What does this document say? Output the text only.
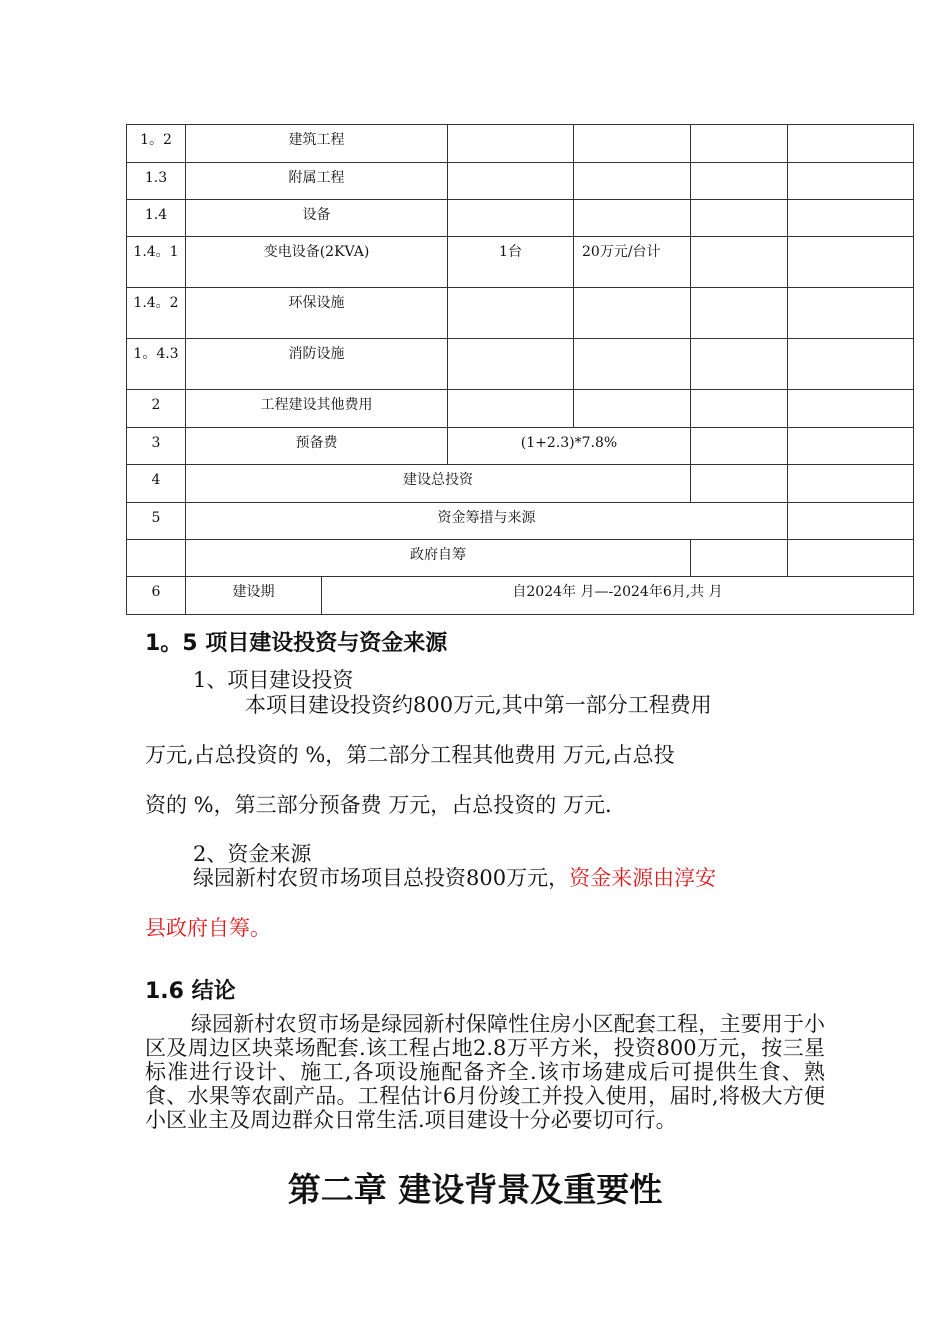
1。2	建筑工程					
1.3	附属工程					
1.4	设备					
1.4。1	变电设备(2KVA)		1台	20万元/台计		
1.4。2	环保设施					
1。4.3	消防设施					
2	工程建设其他费用					
3	预备费		(1+2.3)*7.8%			
4	建设总投资					
5	资金筹措与来源					
	政府自筹					
6	建设期	自2024年 月—-2024年6月,共 月				
1。5 项目建设投资与资金来源

1、项目建设投资

本项目建设投资约800万元,其中第一部分工程费用

万元,占总投资的 %，第二部分工程其他费用 万元,占总投

资的 %，第三部分预备费 万元，占总投资的 万元.

2、资金来源

绿园新村农贸市场项目总投资800万元，资金来源由淳安

县政府自筹。

1.6 结论

绿园新村农贸市场是绿园新村保障性住房小区配套工程，主要用于小区及周边区块菜场配套.该工程占地2.8万平方米，投资800万元，按三星标准进行设计、施工,各项设施配备齐全.该市场建成后可提供生食、熟食、水果等农副产品。工程估计6月份竣工并投入使用，届时,将极大方便小区业主及周边群众日常生活.项目建设十分必要切可行。

第二章 建设背景及重要性
